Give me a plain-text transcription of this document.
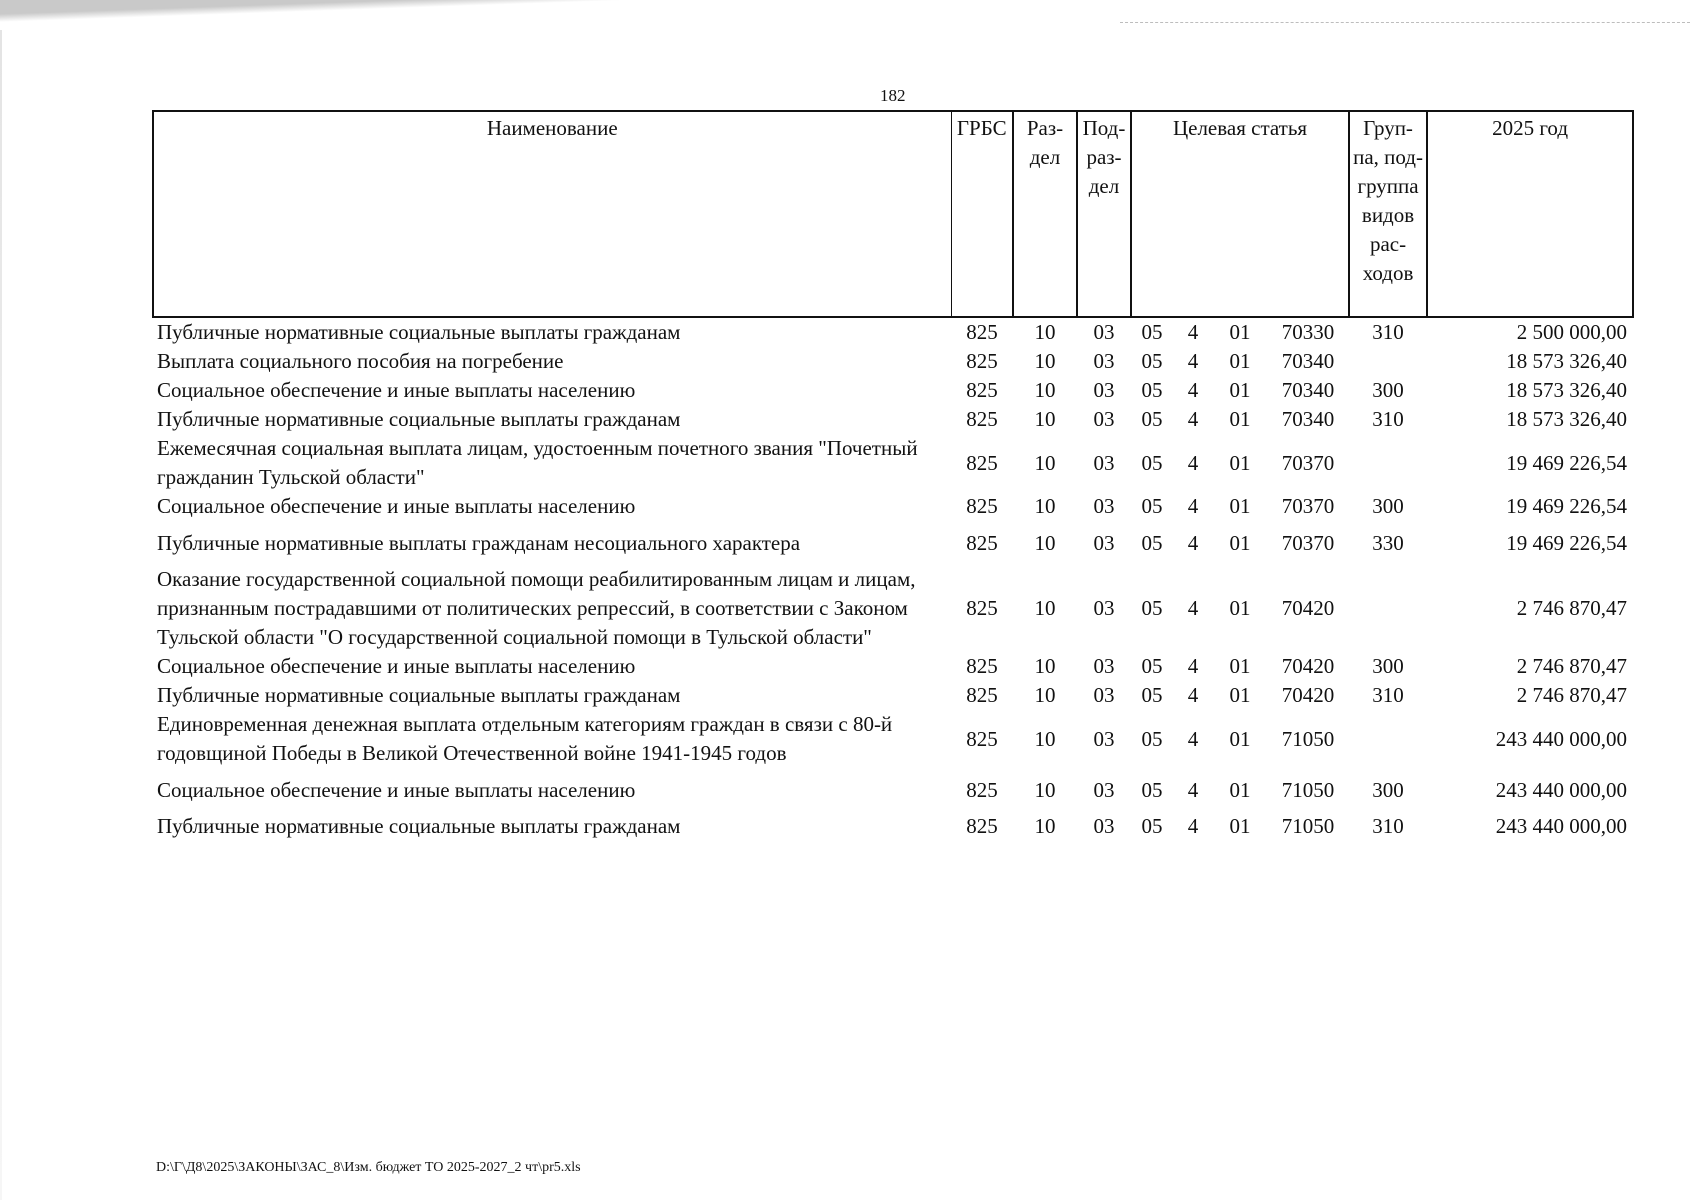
182
Наименование	ГРБС	Раз-дел	Под-раз-дел	Целевая статья				Груп-па, под-группа видов рас-ходов	2025 год
Публичные нормативные социальные выплаты гражданам	825	10	03	05	4	01	70330	310	2 500 000,00
Выплата социального пособия на погребение	825	10	03	05	4	01	70340		18 573 326,40
Социальное обеспечение и иные выплаты населению	825	10	03	05	4	01	70340	300	18 573 326,40
Публичные нормативные социальные выплаты гражданам	825	10	03	05	4	01	70340	310	18 573 326,40
Ежемесячная социальная выплата лицам, удостоенным почетного звания "Почетный гражданин Тульской области"	825	10	03	05	4	01	70370		19 469 226,54
Социальное обеспечение и иные выплаты населению	825	10	03	05	4	01	70370	300	19 469 226,54
Публичные нормативные выплаты гражданам несоциального характера	825	10	03	05	4	01	70370	330	19 469 226,54
Оказание государственной социальной помощи реабилитированным лицам и лицам, признанным пострадавшими от политических репрессий, в соответствии с Законом Тульской области "О государственной социальной помощи в Тульской области"	825	10	03	05	4	01	70420		2 746 870,47
Социальное обеспечение и иные выплаты населению	825	10	03	05	4	01	70420	300	2 746 870,47
Публичные нормативные социальные выплаты гражданам	825	10	03	05	4	01	70420	310	2 746 870,47
Единовременная денежная выплата отдельным категориям граждан в связи с 80-й годовщиной Победы в Великой Отечественной войне 1941-1945 годов	825	10	03	05	4	01	71050		243 440 000,00
Социальное обеспечение и иные выплаты населению	825	10	03	05	4	01	71050	300	243 440 000,00
Публичные нормативные социальные выплаты гражданам	825	10	03	05	4	01	71050	310	243 440 000,00
D:\Г\Д8\2025\ЗАКОНЫ\ЗАС_8\Изм. бюджет ТО 2025-2027_2 чт\pr5.xls
